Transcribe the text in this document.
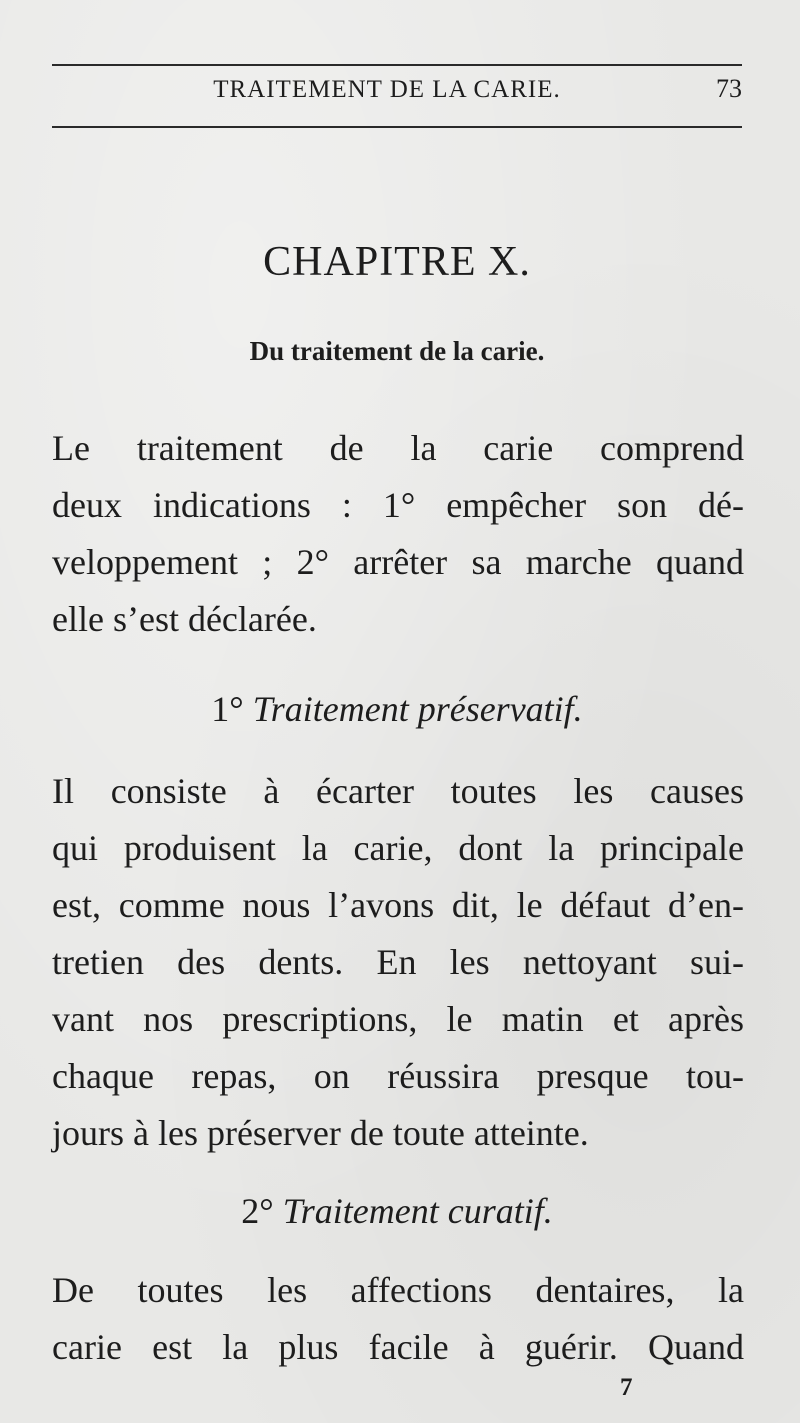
TRAITEMENT DE LA CARIE.	73
CHAPITRE X.
Du traitement de la carie.
Le traitement de la carie comprend
deux indications : 1° empêcher son dé-
veloppement ; 2° arrêter sa marche quand
elle s’est déclarée.
1° Traitement préservatif.
Il consiste à écarter toutes les causes
qui produisent la carie, dont la principale
est, comme nous l’avons dit, le défaut d’en-
tretien des dents. En les nettoyant sui-
vant nos prescriptions, le matin et après
chaque repas, on réussira presque tou-
jours à les préserver de toute atteinte.
2° Traitement curatif.
De toutes les affections dentaires, la
carie est la plus facile à guérir. Quand
7
